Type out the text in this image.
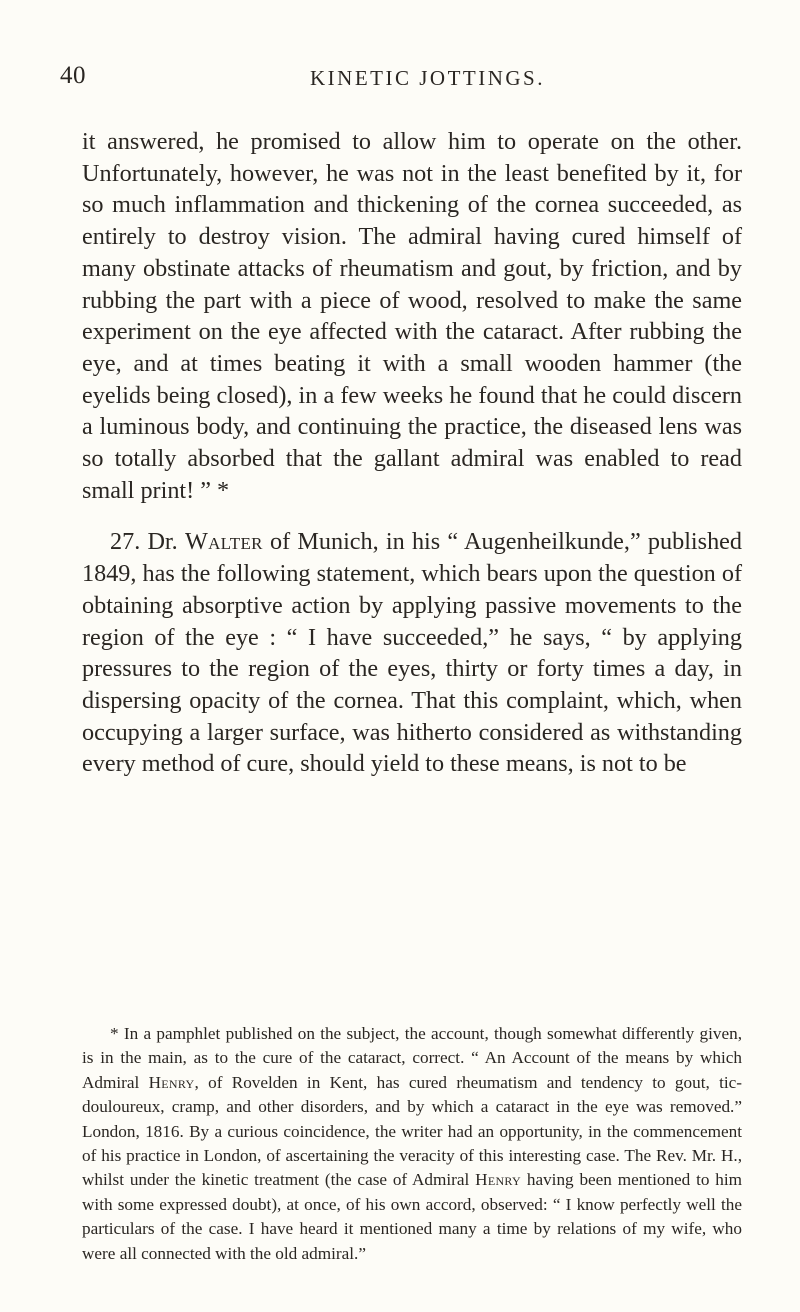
40	KINETIC JOTTINGS.

it answered, he promised to allow him to operate on the other. Unfortunately, however, he was not in the least benefited by it, for so much inflammation and thickening of the cornea succeeded, as entirely to destroy vision. The admiral having cured himself of many obstinate attacks of rheumatism and gout, by friction, and by rubbing the part with a piece of wood, resolved to make the same experiment on the eye affected with the cataract. After rubbing the eye, and at times beating it with a small wooden hammer (the eyelids being closed), in a few weeks he found that he could discern a luminous body, and continuing the practice, the diseased lens was so totally absorbed that the gallant admiral was enabled to read small print! ” *

27. Dr. Walter of Munich, in his “ Augenheilkunde,” published 1849, has the following statement, which bears upon the question of obtaining absorptive action by applying passive movements to the region of the eye : “ I have succeeded,” he says, “ by applying pressures to the region of the eyes, thirty or forty times a day, in dispersing opacity of the cornea. That this complaint, which, when occupying a larger surface, was hitherto considered as withstanding every method of cure, should yield to these means, is not to be

* In a pamphlet published on the subject, the account, though somewhat differently given, is in the main, as to the cure of the cataract, correct. “ An Account of the means by which Admiral Henry, of Rovelden in Kent, has cured rheumatism and tendency to gout, tic-douloureux, cramp, and other disorders, and by which a cataract in the eye was removed.” London, 1816. By a curious coincidence, the writer had an opportunity, in the commencement of his practice in London, of ascertaining the veracity of this interesting case. The Rev. Mr. H., whilst under the kinetic treatment (the case of Admiral Henry having been mentioned to him with some expressed doubt), at once, of his own accord, observed: “ I know perfectly well the particulars of the case. I have heard it mentioned many a time by relations of my wife, who were all connected with the old admiral.”
